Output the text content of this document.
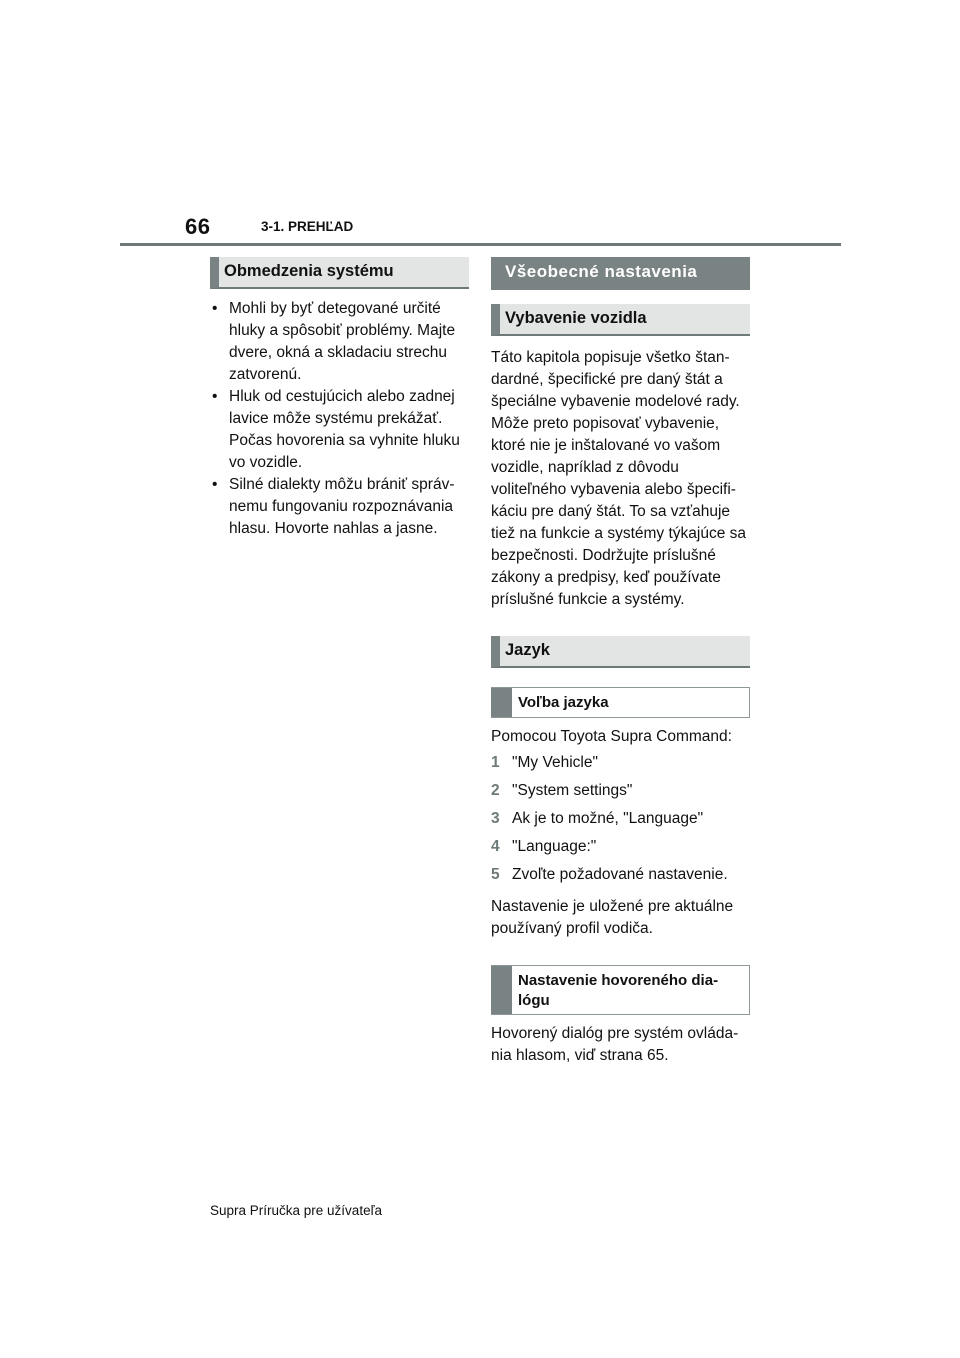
66	3-1. PREHĽAD
Obmedzenia systému
• Mohli by byť detegované určité hluky a spôsobiť problémy. Majte dvere, okná a skladaciu strechu zatvorenú.
• Hluk od cestujúcich alebo zadnej lavice môže systému prekážať. Počas hovorenia sa vyhnite hluku vo vozidle.
• Silné dialekty môžu brániť správnemu fungovaniu rozpoznávania hlasu. Hovorte nahlas a jasne.
Všeobecné nastavenia
Vybavenie vozidla

Táto kapitola popisuje všetko štandardné, špecifické pre daný štát a špeciálne vybavenie modelové rady. Môže preto popisovať vybavenie, ktoré nie je inštalované vo vašom vozidle, napríklad z dôvodu voliteľného vybavenia alebo špecifikáciu pre daný štát. To sa vzťahuje tiež na funkcie a systémy týkajúce sa bezpečnosti. Dodržujte príslušné zákony a predpisy, keď používate príslušné funkcie a systémy.

Jazyk
Voľba jazyka

Pomocou Toyota Supra Command:

1 "My Vehicle"
2 "System settings"
3 Ak je to možné, "Language"
4 "Language:"
5 Zvoľte požadované nastavenie.

Nastavenie je uložené pre aktuálne používaný profil vodiča.

Nastavenie hovoreného dialógu

Hovorený dialóg pre systém ovládania hlasom, viď strana 65.

Supra Príručka pre užívateľa
